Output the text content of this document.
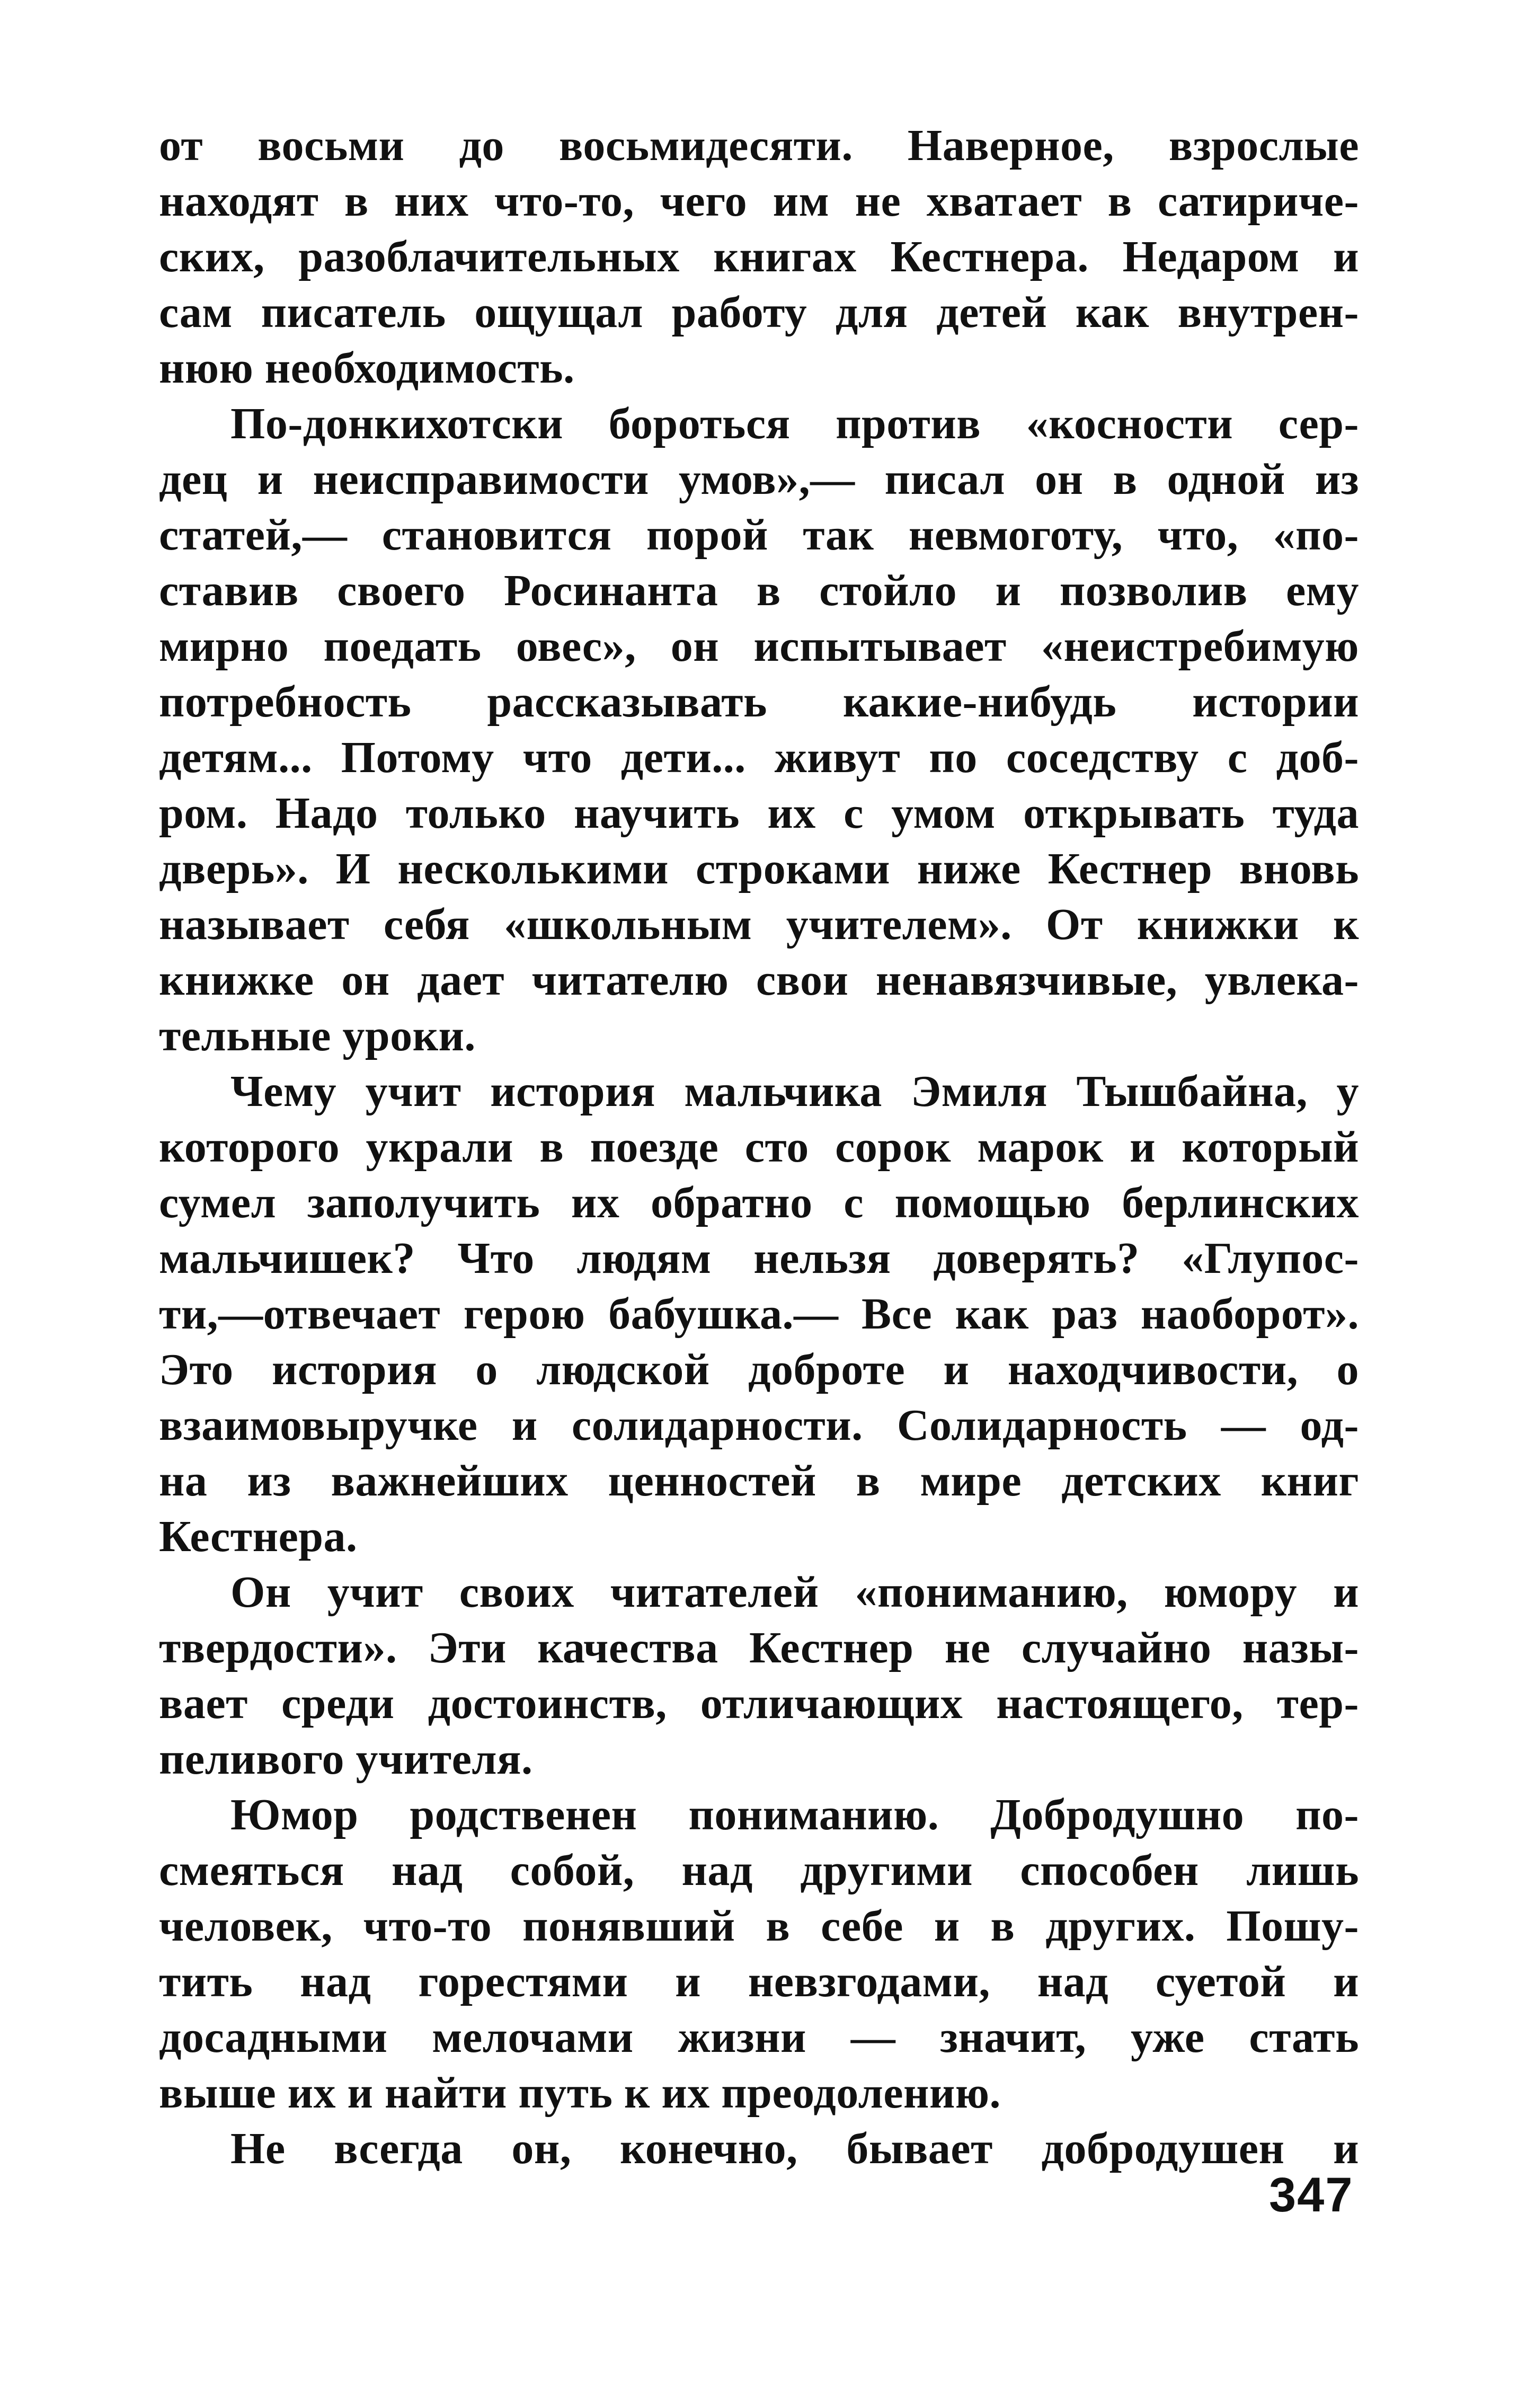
от восьми до восьмидесяти. Наверное, взрослые
находят в них что-то, чего им не хватает в сатириче-
ских, разоблачительных книгах Кестнера. Недаром и
сам писатель ощущал работу для детей как внутрен-
нюю необходимость.
По-донкихотски бороться против «косности сер-
дец и неисправимости умов»,— писал он в одной из
статей,— становится порой так невмоготу, что, «по-
ставив своего Росинанта в стойло и позволив ему
мирно поедать овес», он испытывает «неистребимую
потребность рассказывать какие-нибудь истории
детям... Потому что дети... живут по соседству с доб-
ром. Надо только научить их с умом открывать туда
дверь». И несколькими строками ниже Кестнер вновь
называет себя «школьным учителем». От книжки к
книжке он дает читателю свои ненавязчивые, увлека-
тельные уроки.
Чему учит история мальчика Эмиля Тышбайна, у
которого украли в поезде сто сорок марок и который
сумел заполучить их обратно с помощью берлинских
мальчишек? Что людям нельзя доверять? «Глупос-
ти,—отвечает герою бабушка.— Все как раз наоборот».
Это история о людской доброте и находчивости, о
взаимовыручке и солидарности. Солидарность — од-
на из важнейших ценностей в мире детских книг
Кестнера.
Он учит своих читателей «пониманию, юмору и
твердости». Эти качества Кестнер не случайно назы-
вает среди достоинств, отличающих настоящего, тер-
пеливого учителя.
Юмор родственен пониманию. Добродушно по-
смеяться над собой, над другими способен лишь
человек, что-то понявший в себе и в других. Пошу-
тить над горестями и невзгодами, над суетой и
досадными мелочами жизни — значит, уже стать
выше их и найти путь к их преодолению.
Не всегда он, конечно, бывает добродушен и
347
